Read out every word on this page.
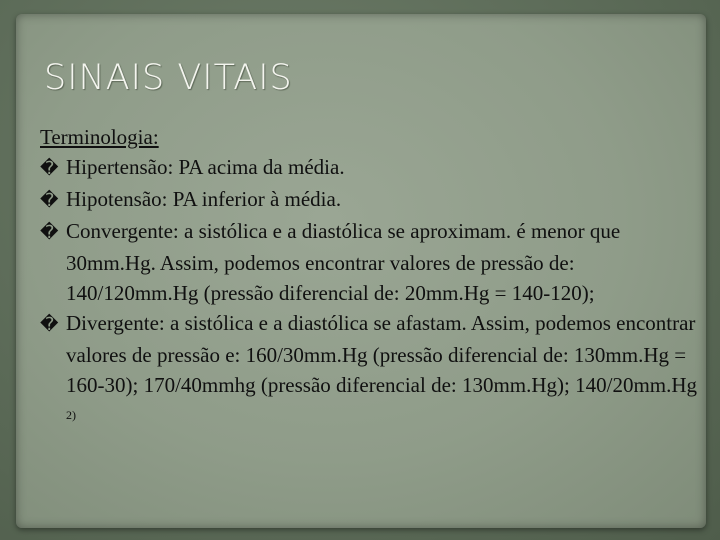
SINAIS VITAIS

Terminologia:

� Hipertensão: PA acima da média.

� Hipotensão: PA inferior à média.

� Convergente: a sistólica e a diastólica se aproximam. é menor que 30mm.Hg. Assim, podemos encontrar valores de pressão de: 140/120mm.Hg (pressão diferencial de: 20mm.Hg = 140-120);

� Divergente: a sistólica e a diastólica se afastam. Assim, podemos encontrar valores de pressão e: 160/30mm.Hg (pressão diferencial de: 130mm.Hg = 160-30); 170/40mmhg (pressão diferencial de: 130mm.Hg); 140/20mm.Hg $^{2)}$
